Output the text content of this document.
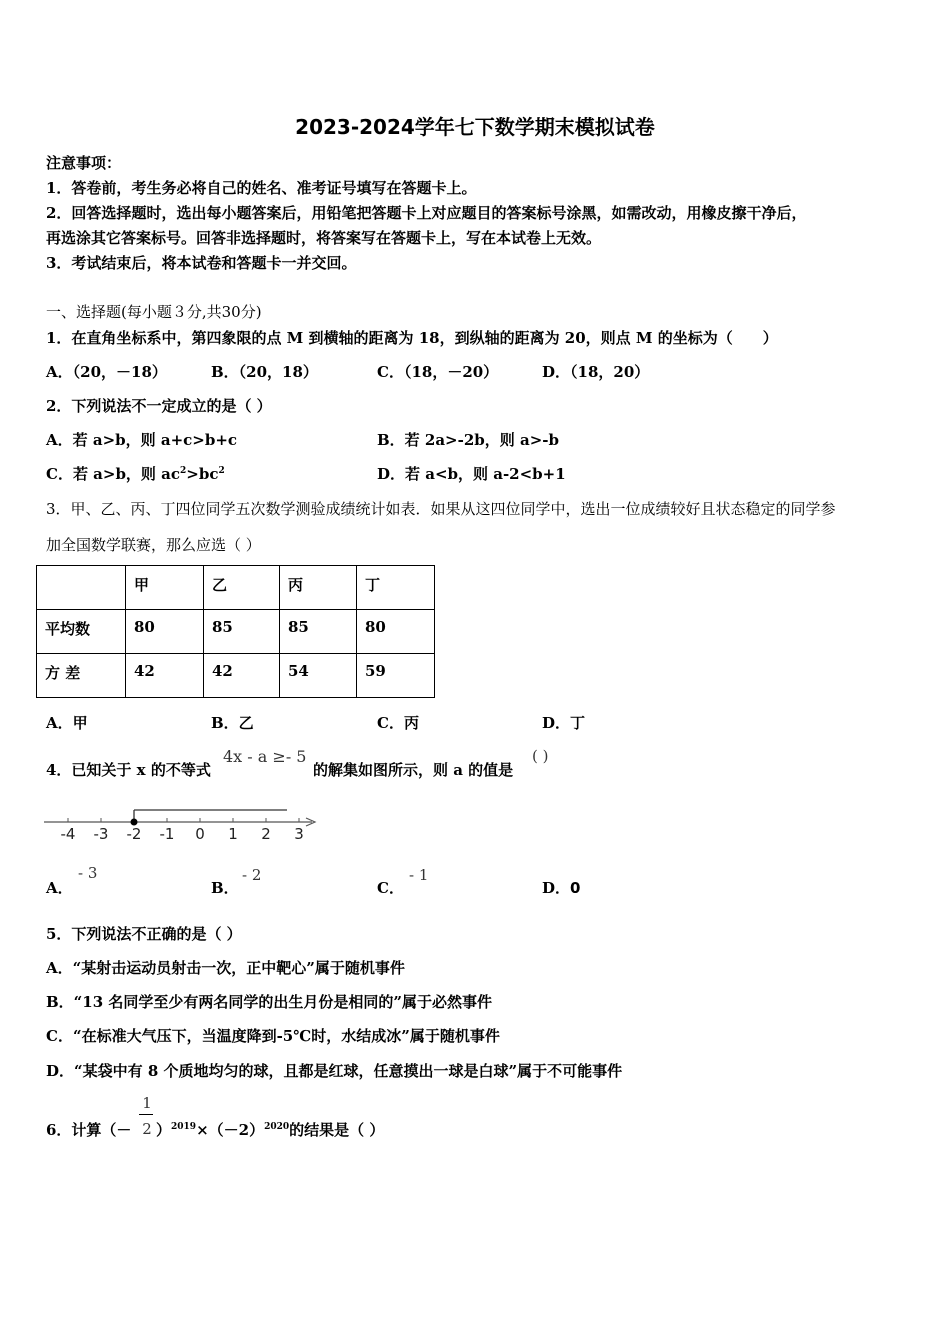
2023-2024学年七下数学期末模拟试卷
注意事项：
1．答卷前，考生务必将自己的姓名、准考证号填写在答题卡上。
2．回答选择题时，选出每小题答案后，用铅笔把答题卡上对应题目的答案标号涂黑，如需改动，用橡皮擦干净后，
再选涂其它答案标号。回答非选择题时，将答案写在答题卡上，写在本试卷上无效。
3．考试结束后，将本试卷和答题卡一并交回。
一、选择题(每小题３分,共30分)
1．在直角坐标系中，第四象限的点 M 到横轴的距离为 18，到纵轴的距离为 20，则点 M 的坐标为（　　）
A．（20，－18）	B．（20，18）	C．（18，－20）	D．（18，20）
2．下列说法不一定成立的是（ ）
A．若 a>b，则 a+c>b+c	B．若 2a>-2b，则 a>-b
C．若 a>b，则 $ac^2>bc^2$	D．若 a<b，则 a-2<b+1
3．甲、乙、丙、丁四位同学五次数学测验成绩统计如表．如果从这四位同学中，选出一位成绩较好且状态稳定的同学参
加全国数学联赛，那么应选（ ）
	甲	乙	丙	丁
平均数	80	85	85	80
方 差	42	42	54	59
A．甲	B．乙	C．丙	D．丁
4．已知关于 x 的不等式
4x - a ≥- 5
的解集如图所示，则 a 的值是
( )
-4 -3 -2 -1 0 1 2 3
A．
- 3
B．
- 2
C．
- 1
D．0
5．下列说法不正确的是（ ）
A．“某射击运动员射击一次，正中靶心”属于随机事件
B．“13 名同学至少有两名同学的出生月份是相同的”属于必然事件
C．“在标准大气压下，当温度降到-5℃时，水结成冰”属于随机事件
D．“某袋中有 8 个质地均匀的球，且都是红球，任意摸出一球是白球”属于不可能事件
6．计算（－
1
2 ）$^{2019}\times(-2)^{2020}$的结果是（ ）
